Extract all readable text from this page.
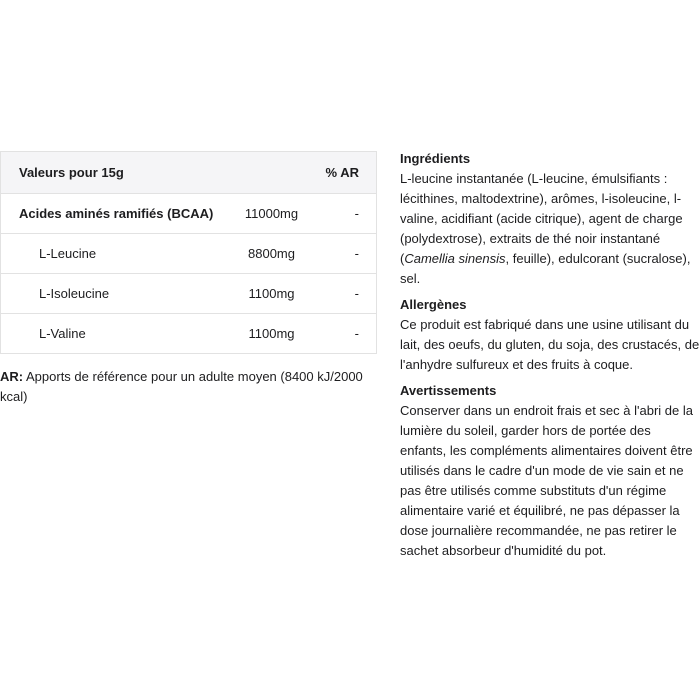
Valeurs pour 15g		% AR
Acides aminés ramifiés (BCAA)	11000mg	-
L-Leucine	8800mg	-
L-Isoleucine	1100mg	-
L-Valine	1100mg	-
AR: Apports de référence pour un adulte moyen (8400 kJ/2000 kcal)
Ingrédients

L-leucine instantanée (L-leucine, émulsifiants : lécithines, maltodextrine), arômes, l-isoleucine, l-valine, acidifiant (acide citrique), agent de charge (polydextrose), extraits de thé noir instantané (Camellia sinensis, feuille), edulcorant (sucralose), sel.

Allergènes

Ce produit est fabriqué dans une usine utilisant du lait, des oeufs, du gluten, du soja, des crustacés, de l'anhydre sulfureux et des fruits à coque.

Avertissements

Conserver dans un endroit frais et sec à l'abri de la lumière du soleil, garder hors de portée des enfants, les compléments alimentaires doivent être utilisés dans le cadre d'un mode de vie sain et ne pas être utilisés comme substituts d'un régime alimentaire varié et équilibré, ne pas dépasser la dose journalière recommandée, ne pas retirer le sachet absorbeur d'humidité du pot.
